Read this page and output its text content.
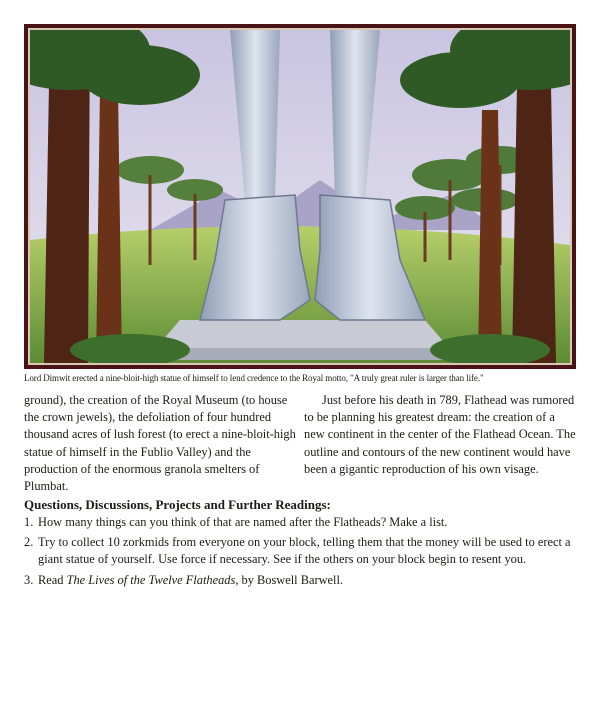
Lord Dimwit erected a nine-bloit-high statue of himself to lend credence to the Royal motto, "A truly great ruler is larger than life."

ground), the creation of the Royal Museum (to house the crown jewels), the defoliation of four hundred thousand acres of lush forest (to erect a nine-bloit-high statue of himself in the Fublio Valley) and the production of the enormous granola smelters of Plumbat.

Just before his death in 789, Flathead was rumored to be planning his greatest dream: the creation of a new continent in the center of the Flathead Ocean. The outline and contours of the new continent would have been a gigantic reproduction of his own visage.

Questions, Discussions, Projects and Further Readings:
1. How many things can you think of that are named after the Flatheads? Make a list.
2. Try to collect 10 zorkmids from everyone on your block, telling them that the money will be used to erect a giant statue of yourself. Use force if necessary. See if the others on your block begin to resent you.
3. Read The Lives of the Twelve Flatheads, by Boswell Barwell.
